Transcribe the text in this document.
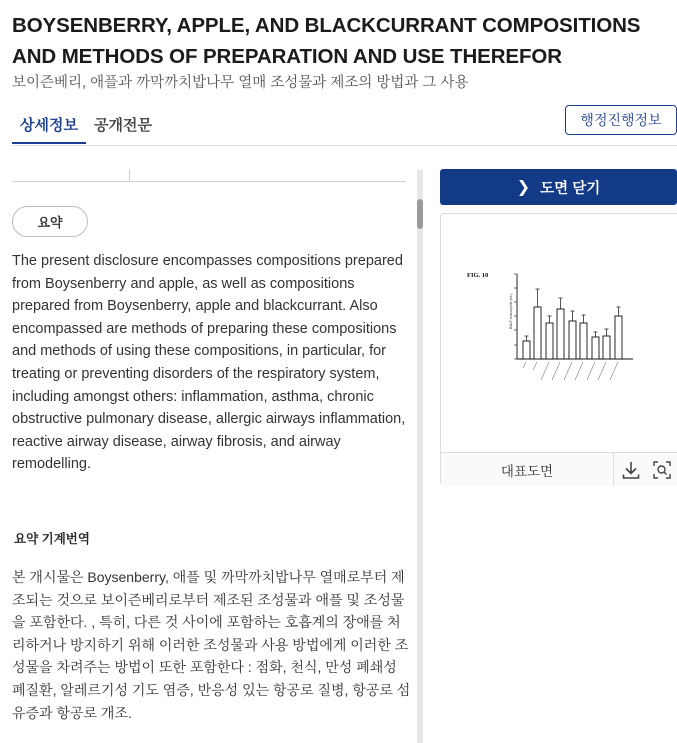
BOYSENBERRY, APPLE, AND BLACKCURRANT COMPOSITIONS AND METHODS OF PREPARATION AND USE THEREFOR
보이즌베리, 애플과 까막까치밥나무 열매 조성물과 제조의 방법과 그 사용
상세정보	공개전문	행정진행정보
요약
The present disclosure encompasses compositions prepared from Boysenberry and apple, as well as compositions prepared from Boysenberry, apple and blackcurrant. Also encompassed are methods of preparing these compositions and methods of using these compositions, in particular, for treating or preventing disorders of the respiratory system, including amongst others: inflammation, asthma, chronic obstructive pulmonary disease, allergic airways inflammation, reactive airway disease, airway fibrosis, and airway remodelling.
요약 기계번역
본 개시물은 Boysenberry, 애플 및 까막까치밥나무 열매로부터 제조되는 것으로 보이즌베리로부터 제조된 조성물과 애플 및 조성물을 포함한다. , 특히, 다른 것 사이에 포함하는 호흡계의 장애를 처리하거나 방지하기 위해 이러한 조성물과 사용 방법에게 이러한 조성물을 차려주는 방법이 또한 포함한다 : 점화, 천식, 만성 폐쇄성 폐질환, 알레르기성 기도 염증, 반응성 있는 항공로 질병, 항공로 섬유증과 항공로 개조.
❯ 도면 닫기
FIG. 10
BALF eosinophils (mL)
대표도면
